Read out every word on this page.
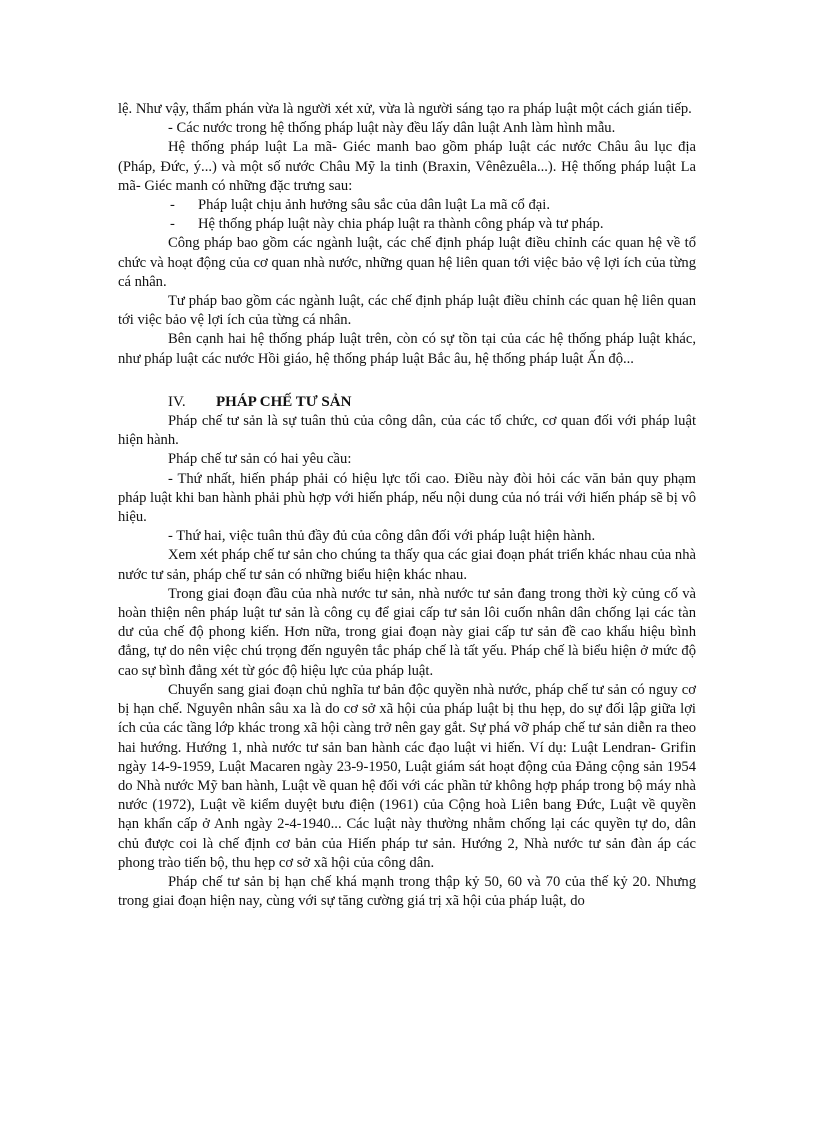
lệ. Như vậy, thẩm phán vừa là người xét xử, vừa là người sáng tạo ra pháp luật một cách gián tiếp.

- Các nước trong hệ thống pháp luật này đều lấy dân luật Anh làm hình mẫu.

Hệ thống pháp luật La mã- Giéc manh bao gồm pháp luật các nước Châu âu lục địa (Pháp, Đức, ý...) và một số nước Châu Mỹ la tinh (Braxin, Vênêzuêla...). Hệ thống pháp luật La mã- Giéc manh có những đặc trưng sau:

-	Pháp luật chịu ảnh hưởng sâu sắc của dân luật La mã cổ đại.
-	Hệ thống pháp luật này chia pháp luật ra thành công pháp và tư pháp.

Công pháp bao gồm các ngành luật, các chế định pháp luật điều chỉnh các quan hệ về tổ chức và hoạt động của cơ quan nhà nước, những quan hệ liên quan tới việc bảo vệ lợi ích của từng cá nhân.

Tư pháp bao gồm các ngành luật, các chế định pháp luật điều chỉnh các quan hệ liên quan tới việc bảo vệ lợi ích của từng cá nhân.

Bên cạnh hai hệ thống pháp luật trên, còn có sự tồn tại của các hệ thống pháp luật khác, như pháp luật các nước Hồi giáo, hệ thống pháp luật Bắc âu, hệ thống pháp luật Ấn độ...

IV. PHÁP CHẾ TƯ SẢN

Pháp chế tư sản là sự tuân thủ của công dân, của các tổ chức, cơ quan đối với pháp luật hiện hành.

Pháp chế tư sản có hai yêu cầu:

- Thứ nhất, hiến pháp phải có hiệu lực tối cao. Điều này đòi hỏi các văn bản quy phạm pháp luật khi ban hành phải phù hợp với hiến pháp, nếu nội dung của nó trái với hiến pháp sẽ bị vô hiệu.

- Thứ hai, việc tuân thủ đầy đủ của công dân đối với pháp luật hiện hành.

Xem xét pháp chế tư sản cho chúng ta thấy qua các giai đoạn phát triển khác nhau của nhà nước tư sản, pháp chế tư sản có những biểu hiện khác nhau.

Trong giai đoạn đầu của nhà nước tư sản, nhà nước tư sản đang trong thời kỳ củng cố và hoàn thiện nên pháp luật tư sản là công cụ để giai cấp tư sản lôi cuốn nhân dân chống lại các tàn dư của chế độ phong kiến. Hơn nữa, trong giai đoạn này giai cấp tư sản đề cao khẩu hiệu bình đẳng, tự do nên việc chú trọng đến nguyên tắc pháp chế là tất yếu. Pháp chế là biểu hiện ở mức độ cao sự bình đẳng xét từ góc độ hiệu lực của pháp luật.

Chuyển sang giai đoạn chủ nghĩa tư bản độc quyền nhà nước, pháp chế tư sản có nguy cơ bị hạn chế. Nguyên nhân sâu xa là do cơ sở xã hội của pháp luật bị thu hẹp, do sự đối lập giữa lợi ích của các tầng lớp khác trong xã hội càng trở nên gay gắt. Sự phá vỡ pháp chế tư sản diễn ra theo hai hướng. Hướng 1, nhà nước tư sản ban hành các đạo luật vi hiến. Ví dụ: Luật Lendran- Grifin ngày 14-9-1959, Luật Macaren ngày 23-9-1950, Luật giám sát hoạt động của Đảng cộng sản 1954 do Nhà nước Mỹ ban hành, Luật về quan hệ đối với các phần tử không hợp pháp trong bộ máy nhà nước (1972), Luật về kiểm duyệt bưu điện (1961) của Cộng hoà Liên bang Đức, Luật về quyền hạn khẩn cấp ở Anh ngày 2-4-1940... Các luật này thường nhằm chống lại các quyền tự do, dân chủ được coi là chế định cơ bản của Hiến pháp tư sản. Hướng 2, Nhà nước tư sản đàn áp các phong trào tiến bộ, thu hẹp cơ sở xã hội của công dân.

Pháp chế tư sản bị hạn chế khá mạnh trong thập kỷ 50, 60 và 70 của thế kỷ 20. Nhưng trong giai đoạn hiện nay, cùng với sự tăng cường giá trị xã hội của pháp luật, do
